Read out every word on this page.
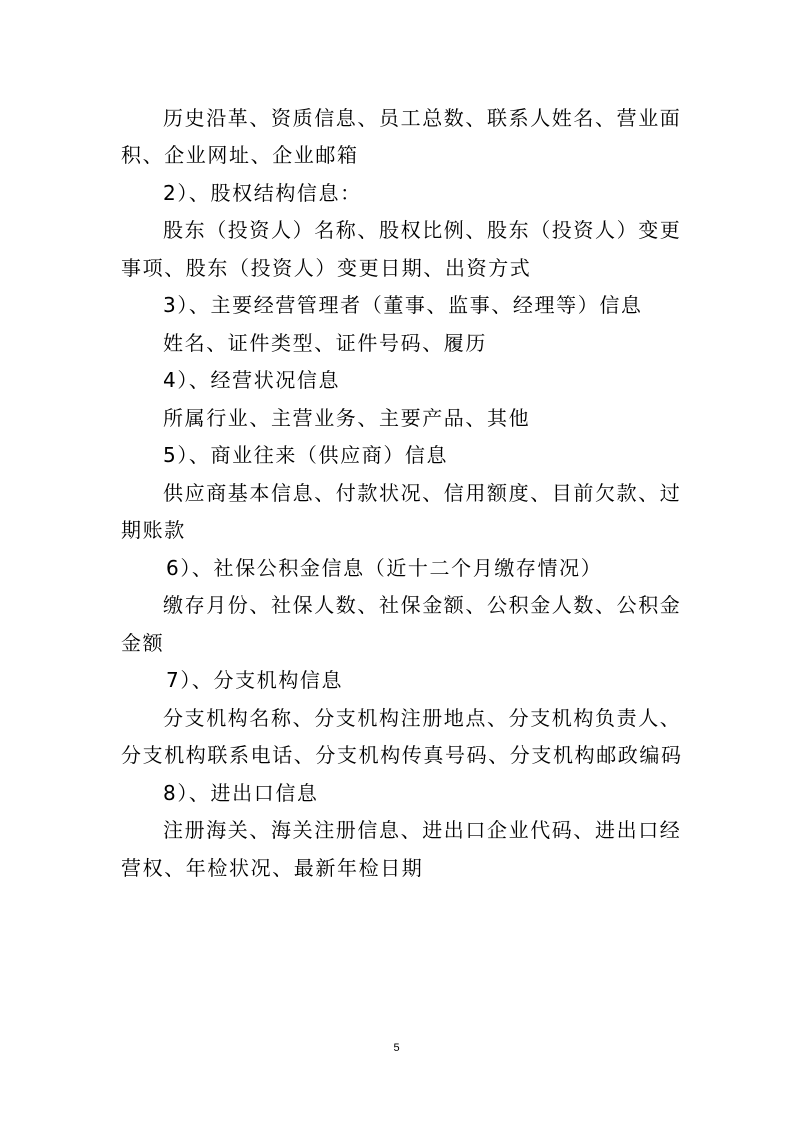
历史沿革、资质信息、员工总数、联系人姓名、营业面
积、企业网址、企业邮箱
2）、股权结构信息：
股东（投资人）名称、股权比例、股东（投资人）变更
事项、股东（投资人）变更日期、出资方式
3）、主要经营管理者（董事、监事、经理等）信息
姓名、证件类型、证件号码、履历
4）、经营状况信息
所属行业、主营业务、主要产品、其他
5）、商业往来（供应商）信息
供应商基本信息、付款状况、信用额度、目前欠款、过
期账款
6）、社保公积金信息（近十二个月缴存情况）
缴存月份、社保人数、社保金额、公积金人数、公积金
金额
7）、分支机构信息
分支机构名称、分支机构注册地点、分支机构负责人、
分支机构联系电话、分支机构传真号码、分支机构邮政编码
8）、进出口信息
注册海关、海关注册信息、进出口企业代码、进出口经
营权、年检状况、最新年检日期
5
